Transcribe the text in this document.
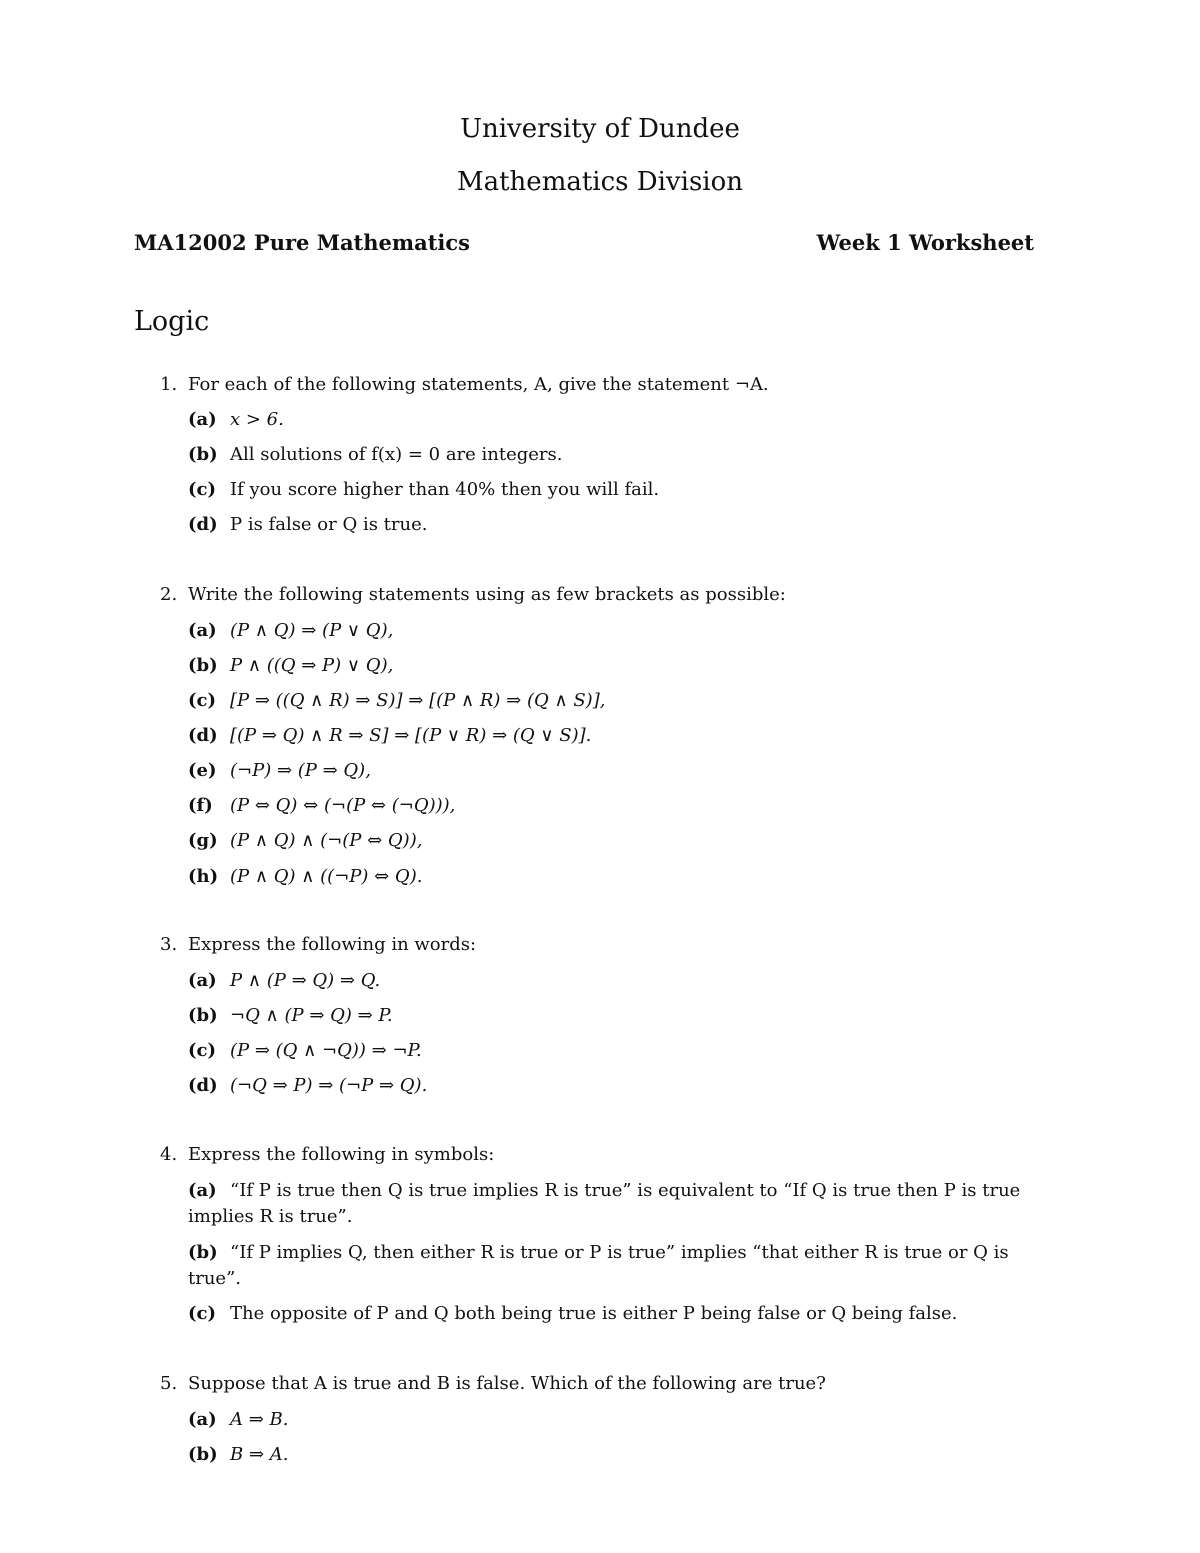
University of Dundee
Mathematics Division
MA12002 Pure Mathematics	Week 1 Worksheet
Logic
1. For each of the following statements, A, give the statement ¬A.
(a) x > 6.
(b) All solutions of f(x) = 0 are integers.
(c) If you score higher than 40% then you will fail.
(d) P is false or Q is true.
2. Write the following statements using as few brackets as possible:
(a) (P ∧ Q) ⇒ (P ∨ Q),
(b) P ∧ ((Q ⇒ P) ∨ Q),
(c) [P ⇒ ((Q ∧ R) ⇒ S)] ⇒ [(P ∧ R) ⇒ (Q ∧ S)],
(d) [(P ⇒ Q) ∧ R ⇒ S] ⇒ [(P ∨ R) ⇒ (Q ∨ S)].
(e) (¬P) ⇒ (P ⇒ Q),
(f) (P ⇔ Q) ⇔ (¬(P ⇔ (¬Q))),
(g) (P ∧ Q) ∧ (¬(P ⇔ Q)),
(h) (P ∧ Q) ∧ ((¬P) ⇔ Q).
3. Express the following in words:
(a) P ∧ (P ⇒ Q) ⇒ Q.
(b) ¬Q ∧ (P ⇒ Q) ⇒ P.
(c) (P ⇒ (Q ∧ ¬Q)) ⇒ ¬P.
(d) (¬Q ⇒ P) ⇒ (¬P ⇒ Q).
4. Express the following in symbols:
(a) “If P is true then Q is true implies R is true” is equivalent to “If Q is true then P is true implies R is true”.
(b) “If P implies Q, then either R is true or P is true” implies “that either R is true or Q is true”.
(c) The opposite of P and Q both being true is either P being false or Q being false.
5. Suppose that A is true and B is false. Which of the following are true?
(a) A ⇒ B.
(b) B ⇒ A.
